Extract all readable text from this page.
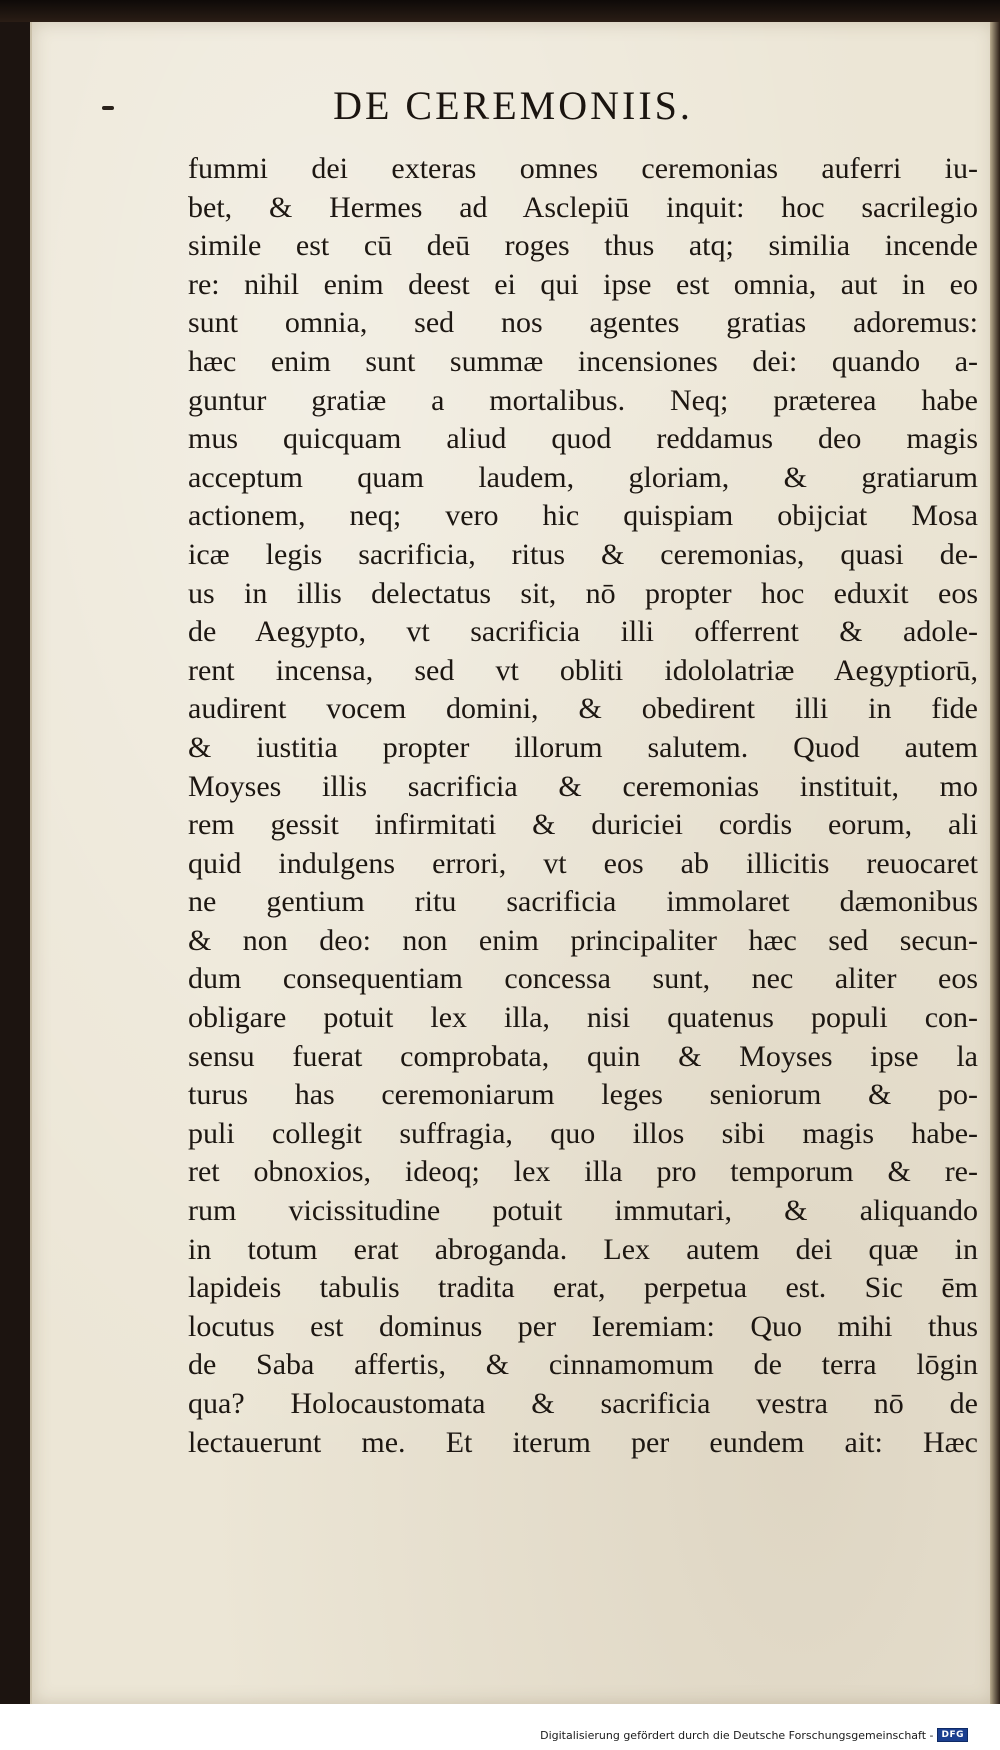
DE CEREMONIIS.
fummi dei exteras omnes ceremonias auferri iu-
bet, & Hermes ad Asclepiū inquit: hoc sacrilegio
simile est cū deū roges thus atq; similia incende
re: nihil enim deest ei qui ipse est omnia, aut in eo
sunt omnia, sed nos agentes gratias adoremus:
hæc enim sunt summæ incensiones dei: quando a-
guntur gratiæ a mortalibus. Neq; præterea habe
mus quicquam aliud quod reddamus deo magis
acceptum quam laudem, gloriam, & gratiarum
actionem, neq; vero hic quispiam obijciat Mosa
icæ legis sacrificia, ritus & ceremonias, quasi de-
us in illis delectatus sit, nō propter hoc eduxit eos
de Aegypto, vt sacrificia illi offerrent & adole-
rent incensa, sed vt obliti idololatriæ Aegyptiorū,
audirent vocem domini, & obedirent illi in fide
& iustitia propter illorum salutem. Quod autem
Moyses illis sacrificia & ceremonias instituit, mo
rem gessit infirmitati & duriciei cordis eorum, ali
quid indulgens errori, vt eos ab illicitis reuocaret
ne gentium ritu sacrificia immolaret dæmonibus
& non deo: non enim principaliter hæc sed secun-
dum consequentiam concessa sunt, nec aliter eos
obligare potuit lex illa, nisi quatenus populi con-
sensu fuerat comprobata, quin & Moyses ipse la
turus has ceremoniarum leges seniorum & po-
puli collegit suffragia, quo illos sibi magis habe-
ret obnoxios, ideoq; lex illa pro temporum & re-
rum vicissitudine potuit immutari, & aliquando
in totum erat abroganda. Lex autem dei quæ in
lapideis tabulis tradita erat, perpetua est. Sic ēm
locutus est dominus per Ieremiam: Quo mihi thus
de Saba affertis, & cinnamomum de terra lōgin
qua? Holocaustomata & sacrificia vestra nō de
lectauerunt me. Et iterum per eundem ait: Hæc
Digitalisierung gefördert durch die Deutsche Forschungsgemeinschaft - DFG
